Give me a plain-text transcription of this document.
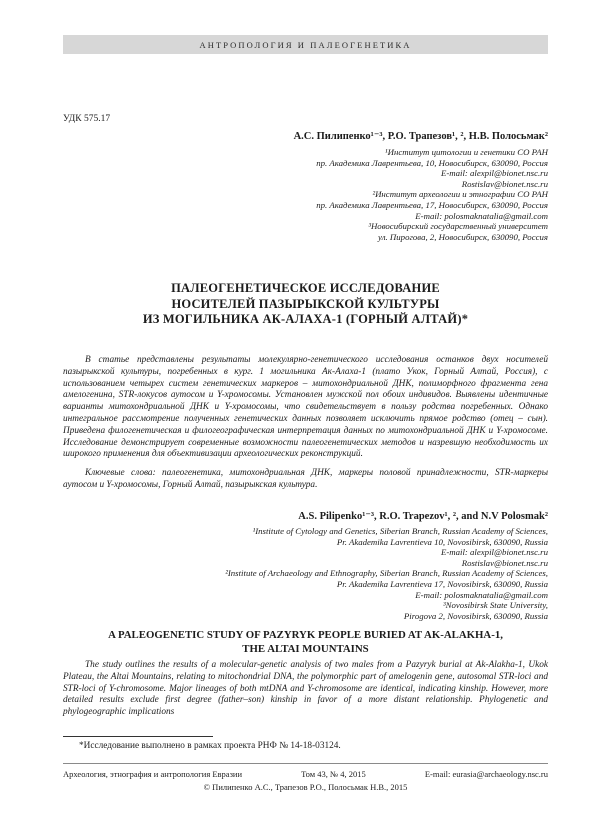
АНТРОПОЛОГИЯ И ПАЛЕОГЕНЕТИКА
УДК 575.17
А.С. Пилипенко¹⁻³, Р.О. Трапезов¹, ², Н.В. Полосьмак²
¹Институт цитологии и генетики СО РАН
пр. Академика Лаврентьева, 10, Новосибирск, 630090, Россия
E-mail: alexpil@bionet.nsc.ru
Rostislav@bionet.nsc.ru
²Институт археологии и этнографии СО РАН
пр. Академика Лаврентьева, 17, Новосибирск, 630090, Россия
E-mail: polosmaknatalia@gmail.com
³Новосибирский государственный университет
ул. Пирогова, 2, Новосибирск, 630090, Россия
ПАЛЕОГЕНЕТИЧЕСКОЕ ИССЛЕДОВАНИЕ
НОСИТЕЛЕЙ ПАЗЫРЫКСКОЙ КУЛЬТУРЫ
ИЗ МОГИЛЬНИКА АК-АЛАХА-1 (ГОРНЫЙ АЛТАЙ)*

В статье представлены результаты молекулярно-генетического исследования останков двух носителей пазырыкской культуры, погребенных в кург. 1 могильника Ак-Алаха-1 (плато Укок, Горный Алтай, Россия), с использованием четырех систем генетических маркеров – митохондриальной ДНК, полиморфного фрагмента гена амелогенина, STR-локусов аутосом и Y-хромосомы. Установлен мужской пол обоих индивидов. Выявлены идентичные варианты митохондриальной ДНК и Y-хромосомы, что свидетельствует в пользу родства погребенных. Однако интегральное рассмотрение полученных генетических данных позволяет исключить прямое родство (отец – сын). Приведена филогенетическая и филогеографическая интерпретация данных по митохондриальной ДНК и Y-хромосоме. Исследование демонстрирует современные возможности палеогенетических методов и назревшую необходимость их широкого применения для объективизации археологических реконструкций.

Ключевые слова: палеогенетика, митохондриальная ДНК, маркеры половой принадлежности, STR-маркеры аутосом и Y-хромосомы, Горный Алтай, пазырыкская культура.

A.S. Pilipenko¹⁻³, R.O. Trapezov¹, ², and N.V Polosmak²
¹Institute of Cytology and Genetics, Siberian Branch, Russian Academy of Sciences,
Pr. Akademika Lavrentieva 10, Novosibirsk, 630090, Russia
E-mail: alexpil@bionet.nsc.ru
Rostislav@bionet.nsc.ru
²Institute of Archaeology and Ethnography, Siberian Branch, Russian Academy of Sciences,
Pr. Akademika Lavrentieva 17, Novosibirsk, 630090, Russia
E-mail: polosmaknatalia@gmail.com
³Novosibirsk State University,
Pirogova 2, Novosibirsk, 630090, Russia
A PALEOGENETIC STUDY OF PAZYRYK PEOPLE BURIED AT AK-ALAKHA-1,
THE ALTAI MOUNTAINS

The study outlines the results of a molecular-genetic analysis of two males from a Pazyryk burial at Ak-Alakha-1, Ukok Plateau, the Altai Mountains, relating to mitochondrial DNA, the polymorphic part of amelogenin gene, autosomal STR-loci and STR-loci of Y-chromosome. Major lineages of both mtDNA and Y-chromosome are identical, indicating kinship. However, more detailed results exclude first degree (father–son) kinship in favor of a more distant relationship. Phylogenetic and phylogeographic implications

*Исследование выполнено в рамках проекта РНФ № 14-18-03124.

Археология, этнография и антропология Евразии	Том 43, № 4, 2015	E-mail: eurasia@archaeology.nsc.ru
© Пилипенко А.С., Трапезов Р.О., Полосьмак Н.В., 2015
